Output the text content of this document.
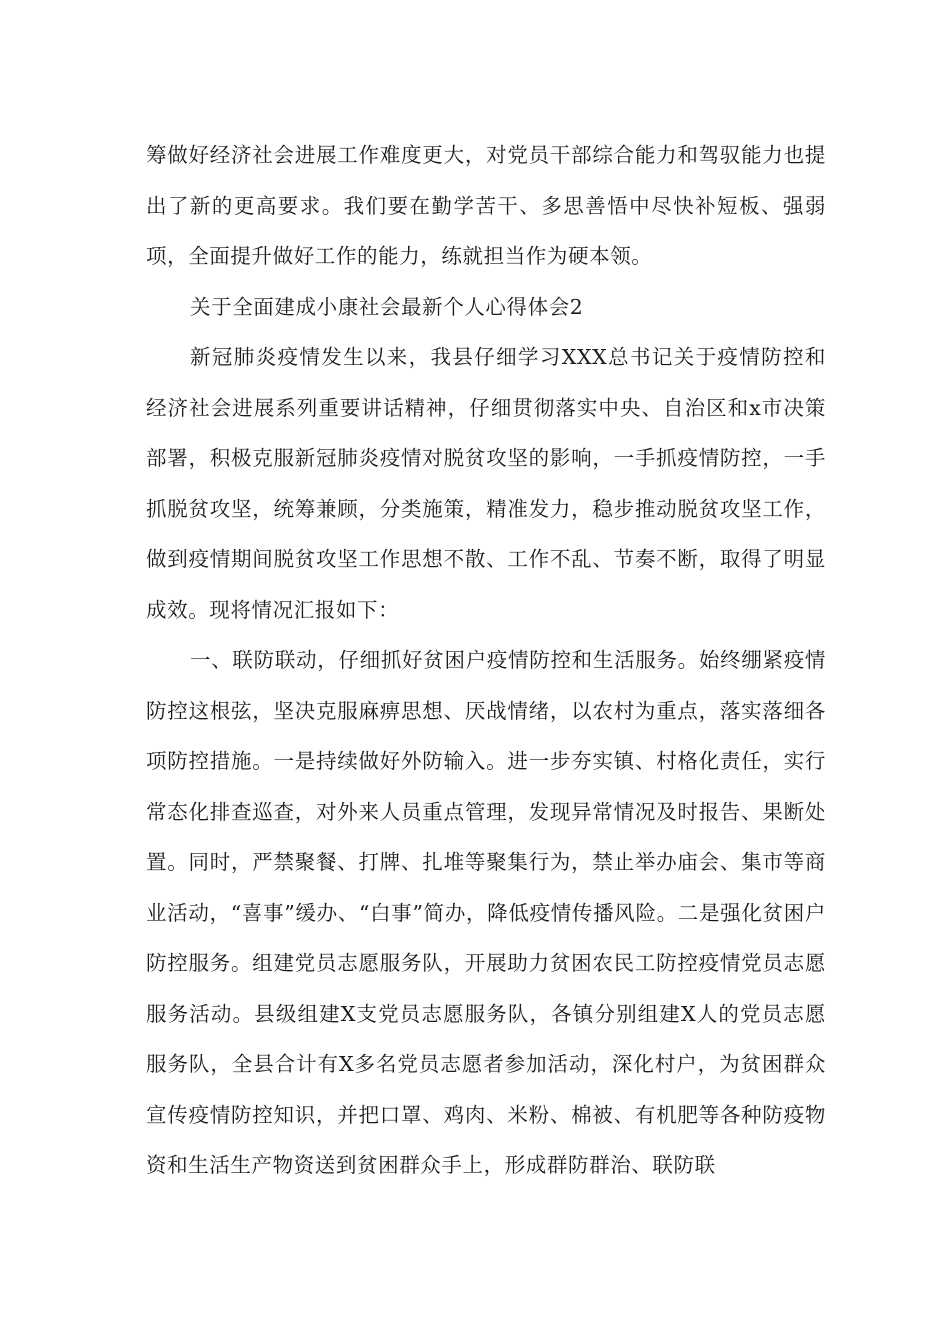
筹做好经济社会进展工作难度更大，对党员干部综合能力和驾驭能力也提出了新的更高要求。我们要在勤学苦干、多思善悟中尽快补短板、强弱项，全面提升做好工作的能力，练就担当作为硬本领。

关于全面建成小康社会最新个人心得体会2

新冠肺炎疫情发生以来，我县仔细学习XXX总书记关于疫情防控和经济社会进展系列重要讲话精神，仔细贯彻落实中央、自治区和x市决策部署，积极克服新冠肺炎疫情对脱贫攻坚的影响，一手抓疫情防控，一手抓脱贫攻坚，统筹兼顾，分类施策，精准发力，稳步推动脱贫攻坚工作，做到疫情期间脱贫攻坚工作思想不散、工作不乱、节奏不断，取得了明显成效。现将情况汇报如下：

一、联防联动，仔细抓好贫困户疫情防控和生活服务。始终绷紧疫情防控这根弦，坚决克服麻痹思想、厌战情绪，以农村为重点，落实落细各项防控措施。一是持续做好外防输入。进一步夯实镇、村格化责任，实行常态化排查巡查，对外来人员重点管理，发现异常情况及时报告、果断处置。同时，严禁聚餐、打牌、扎堆等聚集行为，禁止举办庙会、集市等商业活动，“喜事”缓办、“白事”简办，降低疫情传播风险。二是强化贫困户防控服务。组建党员志愿服务队，开展助力贫困农民工防控疫情党员志愿服务活动。县级组建X支党员志愿服务队，各镇分别组建X人的党员志愿服务队，全县合计有X多名党员志愿者参加活动，深化村户，为贫困群众宣传疫情防控知识，并把口罩、鸡肉、米粉、棉被、有机肥等各种防疫物资和生活生产物资送到贫困群众手上，形成群防群治、联防联
